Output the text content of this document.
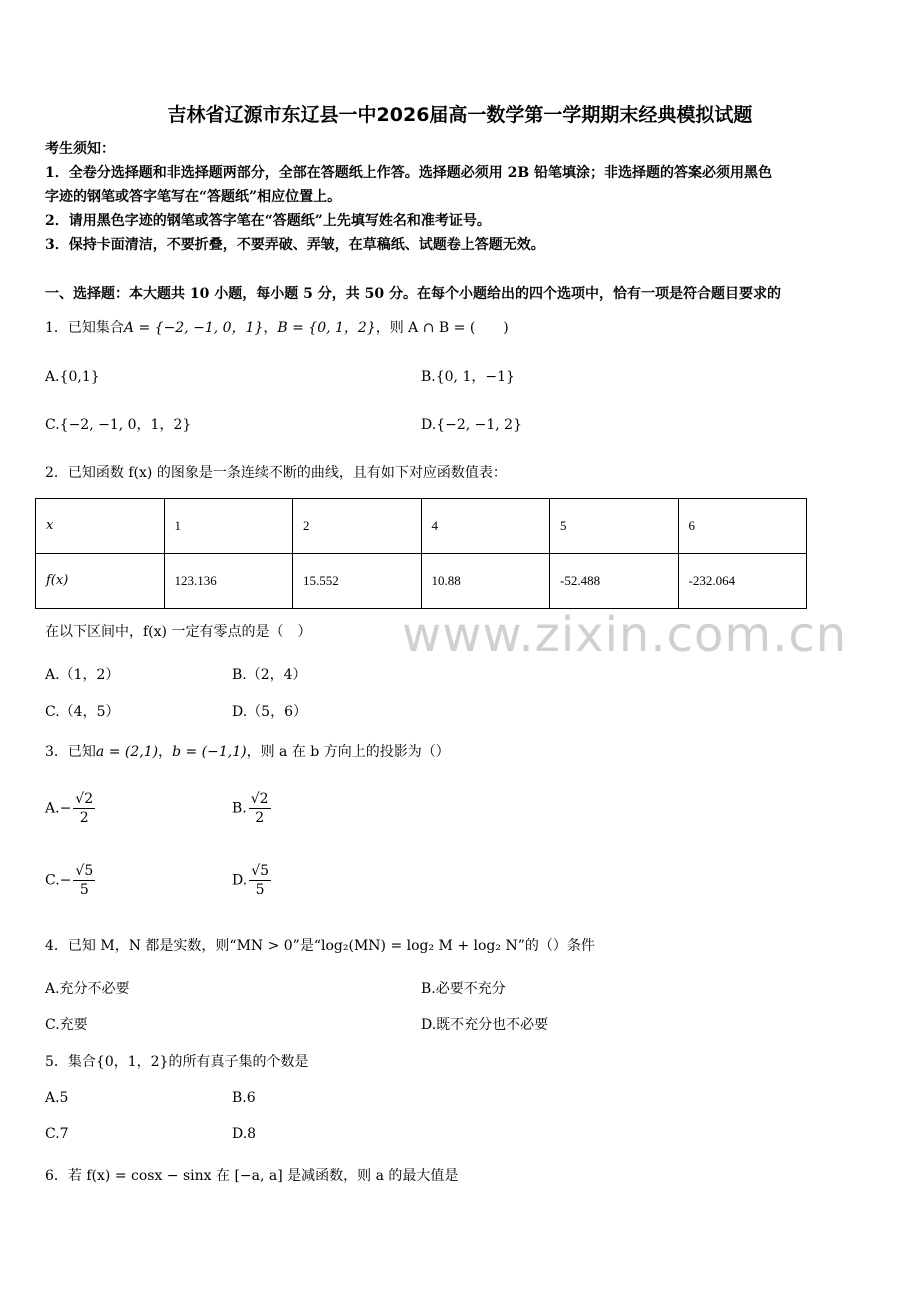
吉林省辽源市东辽县一中2026届高一数学第一学期期末经典模拟试题
考生须知：
1．全卷分选择题和非选择题两部分，全部在答题纸上作答。选择题必须用 2B 铅笔填涂；非选择题的答案必须用黑色
字迹的钢笔或答字笔写在“答题纸”相应位置上。
2．请用黑色字迹的钢笔或答字笔在“答题纸”上先填写姓名和准考证号。
3．保持卡面清洁，不要折叠，不要弄破、弄皱，在草稿纸、试题卷上答题无效。
一、选择题：本大题共 10 小题，每小题 5 分，共 50 分。在每个小题给出的四个选项中，恰有一项是符合题目要求的
1．已知集合A = {−2, −1, 0，1}，B = {0, 1，2}，则 A ∩ B = (　　)
A.{0,1}	B.{0, 1，−1}
C.{−2, −1, 0，1，2}	D.{−2, −1, 2}
2．已知函数 f(x) 的图象是一条连续不断的曲线，且有如下对应函数值表：
x	1	2	4	5	6
f(x)	123.136	15.552	10.88	-52.488	-232.064
www.zixin.com.cn
在以下区间中，f(x) 一定有零点的是（　）
A.（1，2）	B.（2，4）
C.（4，5）	D.（5，6）
3．已知a = (2,1)，b = (−1,1)，则 a 在 b 方向上的投影为（）
$A.- \frac{√2}{2}$	B. $\frac{√2}{2}$
$C.- \frac{√5}{5}$	D. $\frac{√5}{5}$
4．已知 M，N 都是实数，则“MN > 0”是“log₂(MN) = log₂ M + log₂ N”的（）条件
A.充分不必要	B.必要不充分
C.充要	D.既不充分也不必要
5．集合{0，1，2}的所有真子集的个数是
A.5	B.6
C.7	D.8
6．若 f(x) = cosx − sinx 在 [−a, a] 是减函数，则 a 的最大值是
